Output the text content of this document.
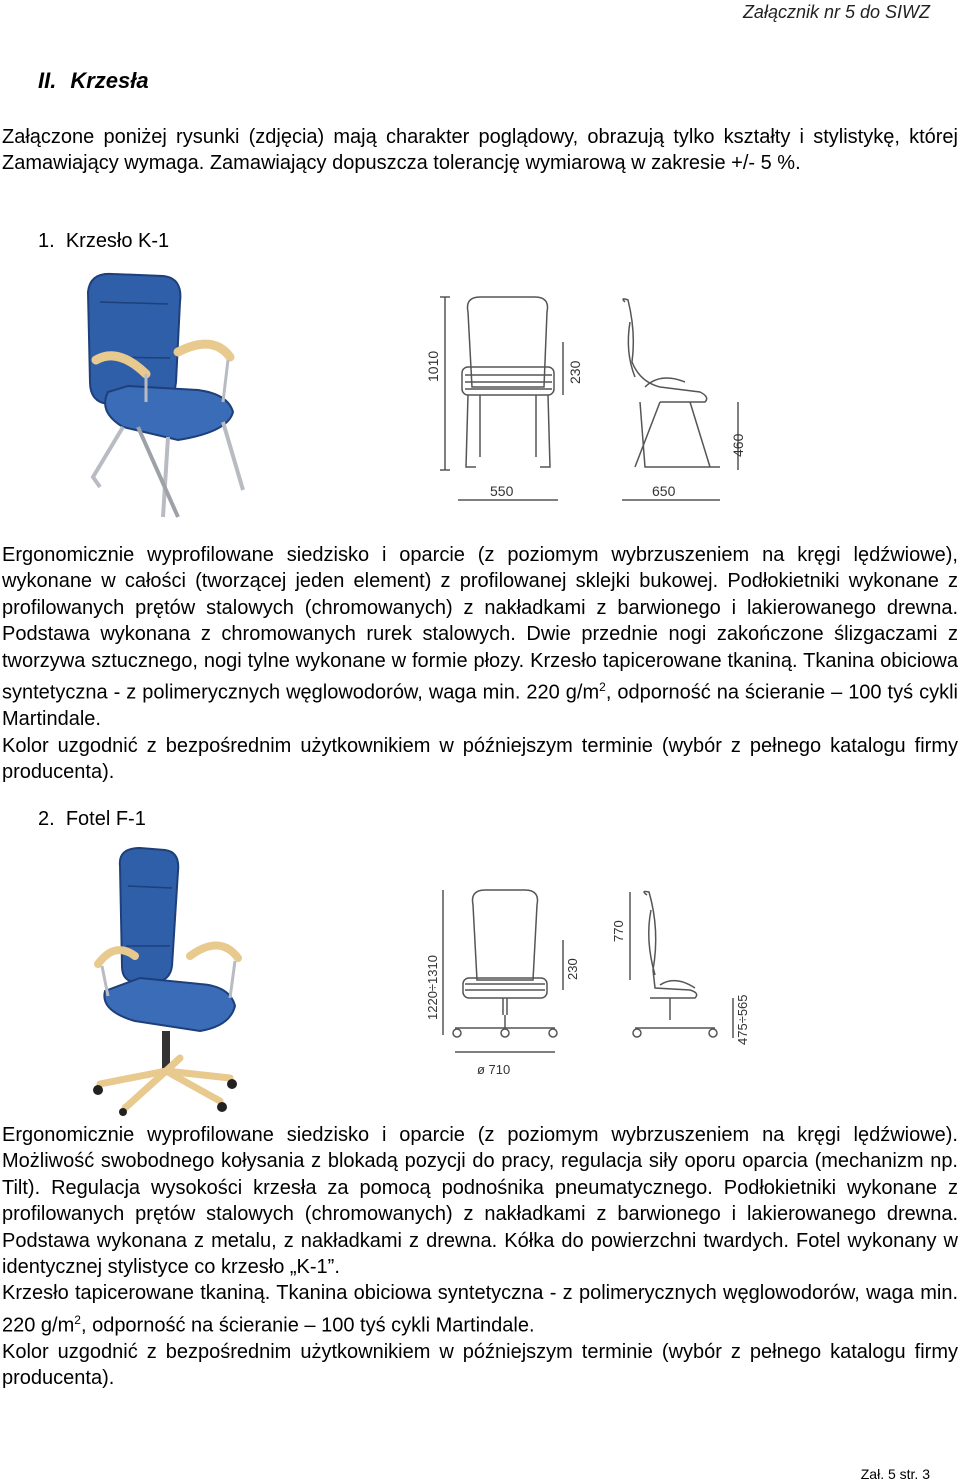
Załącznik nr 5 do SIWZ
II. Krzesła
Załączone poniżej rysunki (zdjęcia) mają charakter poglądowy, obrazują tylko kształty i stylistykę, której Zamawiający wymaga. Zamawiający dopuszcza tolerancję wymiarową w zakresie +/- 5 %.
1. Krzesło K-1
1010	230
550	650
460
Ergonomicznie wyprofilowane siedzisko i oparcie (z poziomym wybrzuszeniem na kręgi lędźwiowe), wykonane w całości (tworzącej jeden element) z profilowanej sklejki bukowej. Podłokietniki wykonane z profilowanych prętów stalowych (chromowanych) z nakładkami z barwionego i lakierowanego drewna. Podstawa wykonana z chromowanych rurek stalowych. Dwie przednie nogi zakończone ślizgaczami z tworzywa sztucznego, nogi tylne wykonane w formie płozy. Krzesło tapicerowane tkaniną. Tkanina obiciowa syntetyczna - z polimerycznych węglowodorów, waga min. 220 $g/m^2$, odporność na ścieranie – 100 tyś cykli Martindale.
Kolor uzgodnić z bezpośrednim użytkownikiem w późniejszym terminie (wybór z pełnego katalogu firmy producenta).
2. Fotel F-1
1220÷1310	230
770
475÷565
ø 710
Ergonomicznie wyprofilowane siedzisko i oparcie (z poziomym wybrzuszeniem na kręgi lędźwiowe). Możliwość swobodnego kołysania z blokadą pozycji do pracy, regulacja siły oporu oparcia (mechanizm np. Tilt). Regulacja wysokości krzesła za pomocą podnośnika pneumatycznego. Podłokietniki wykonane z profilowanych prętów stalowych (chromowanych) z nakładkami z barwionego i lakierowanego drewna. Podstawa wykonana z metalu, z nakładkami z drewna. Kółka do powierzchni twardych. Fotel wykonany w identycznej stylistyce co krzesło „K-1”.
Krzesło tapicerowane tkaniną. Tkanina obiciowa syntetyczna - z polimerycznych węglowodorów, waga min. 220 $g/m^2$, odporność na ścieranie – 100 tyś cykli Martindale.
Kolor uzgodnić z bezpośrednim użytkownikiem w późniejszym terminie (wybór z pełnego katalogu firmy producenta).
Zał. 5 str. 3
